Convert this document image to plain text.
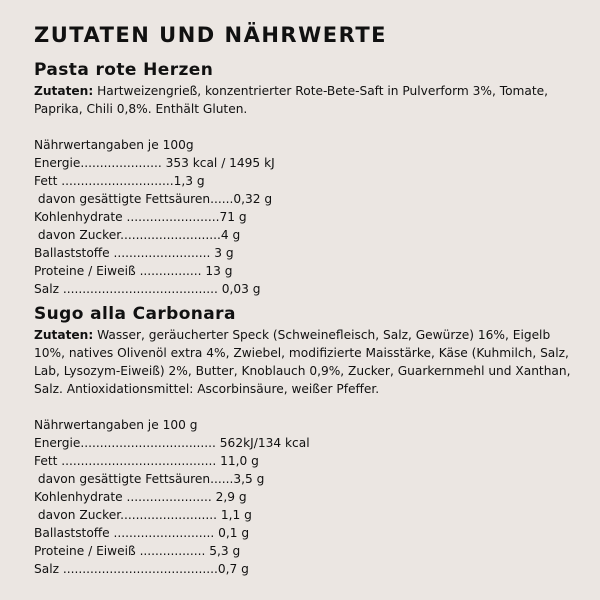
ZUTATEN UND NÄHRWERTE
Pasta rote Herzen

Zutaten: Hartweizengrieß, konzentrierter Rote-Bete-Saft in Pulverform 3%, Tomate, Paprika, Chili 0,8%. Enthält Gluten.

Nährwertangaben je 100g
Energie..................... 353 kcal / 1495 kJ
Fett .............................1,3 g
davon gesättigte Fettsäuren......0,32 g
Kohlenhydrate ........................71 g
davon Zucker..........................4 g
Ballaststoffe ......................... 3 g
Proteine / Eiweiß ................ 13 g
Salz ........................................ 0,03 g
Sugo alla Carbonara

Zutaten: Wasser, geräucherter Speck (Schweinefleisch, Salz, Gewürze) 16%, Eigelb 10%, natives Olivenöl extra 4%, Zwiebel, modifizierte Maisstärke, Käse (Kuhmilch, Salz, Lab, Lysozym-Eiweiß) 2%, Butter, Knoblauch 0,9%, Zucker, Guarkernmehl und Xanthan, Salz. Antioxidationsmittel: Ascorbinsäure, weißer Pfeffer.

Nährwertangaben je 100 g
Energie................................... 562kJ/134 kcal
Fett ........................................ 11,0 g
davon gesättigte Fettsäuren......3,5 g
Kohlenhydrate ...................... 2,9 g
davon Zucker......................... 1,1 g
Ballaststoffe .......................... 0,1 g
Proteine / Eiweiß ................. 5,3 g
Salz ........................................0,7 g
